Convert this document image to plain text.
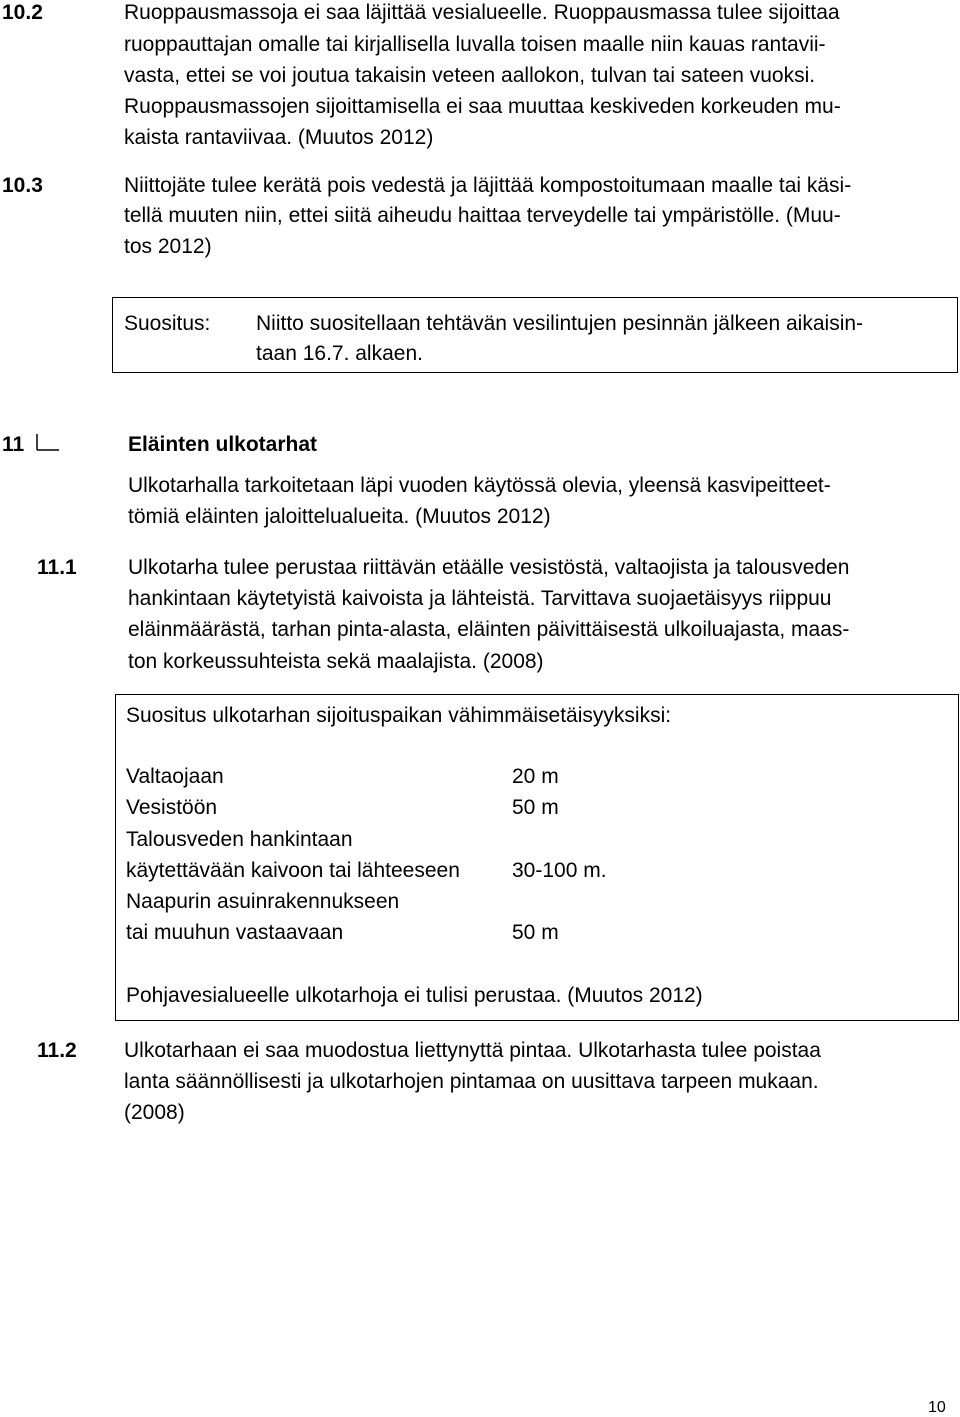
10.2	Ruoppausmassoja ei saa läjittää vesialueelle. Ruoppausmassa tulee sijoittaa
ruoppauttajan omalle tai kirjallisella luvalla toisen maalle niin kauas rantavii-
vasta, ettei se voi joutua takaisin veteen aallokon, tulvan tai sateen vuoksi.
Ruoppausmassojen sijoittamisella ei saa muuttaa keskiveden korkeuden mu-
kaista rantaviivaa. (Muutos 2012)
10.3	Niittojäte tulee kerätä pois vedestä ja läjittää kompostoitumaan maalle tai käsi-
tellä muuten niin, ettei siitä aiheudu haittaa terveydelle tai ympäristölle. (Muu-
tos 2012)
Suositus: Niitto suositellaan tehtävän vesilintujen pesinnän jälkeen aikaisin-
taan 16.7. alkaen.
11	Eläinten ulkotarhat
Ulkotarhalla tarkoitetaan läpi vuoden käytössä olevia, yleensä kasvipeitteet-
tömiä eläinten jaloittelualueita. (Muutos 2012)
11.1 Ulkotarha tulee perustaa riittävän etäälle vesistöstä, valtaojista ja talousveden
hankintaan käytetyistä kaivoista ja lähteistä. Tarvittava suojaetäisyys riippuu
eläinmäärästä, tarhan pinta-alasta, eläinten päivittäisestä ulkoiluajasta, maas-
ton korkeussuhteista sekä maalajista. (2008)
Suositus ulkotarhan sijoituspaikan vähimmäisetäisyyksiksi:
Valtaojaan	20 m
Vesistöön	50 m
Talousveden hankintaan
käytettävään kaivoon tai lähteeseen 30-100 m.
Naapurin asuinrakennukseen
tai muuhun vastaavaan	50 m
Pohjavesialueelle ulkotarhoja ei tulisi perustaa. (Muutos 2012)
11.2 Ulkotarhaan ei saa muodostua liettynyttä pintaa. Ulkotarhasta tulee poistaa
lanta säännöllisesti ja ulkotarhojen pintamaa on uusittava tarpeen mukaan.
(2008)
10
